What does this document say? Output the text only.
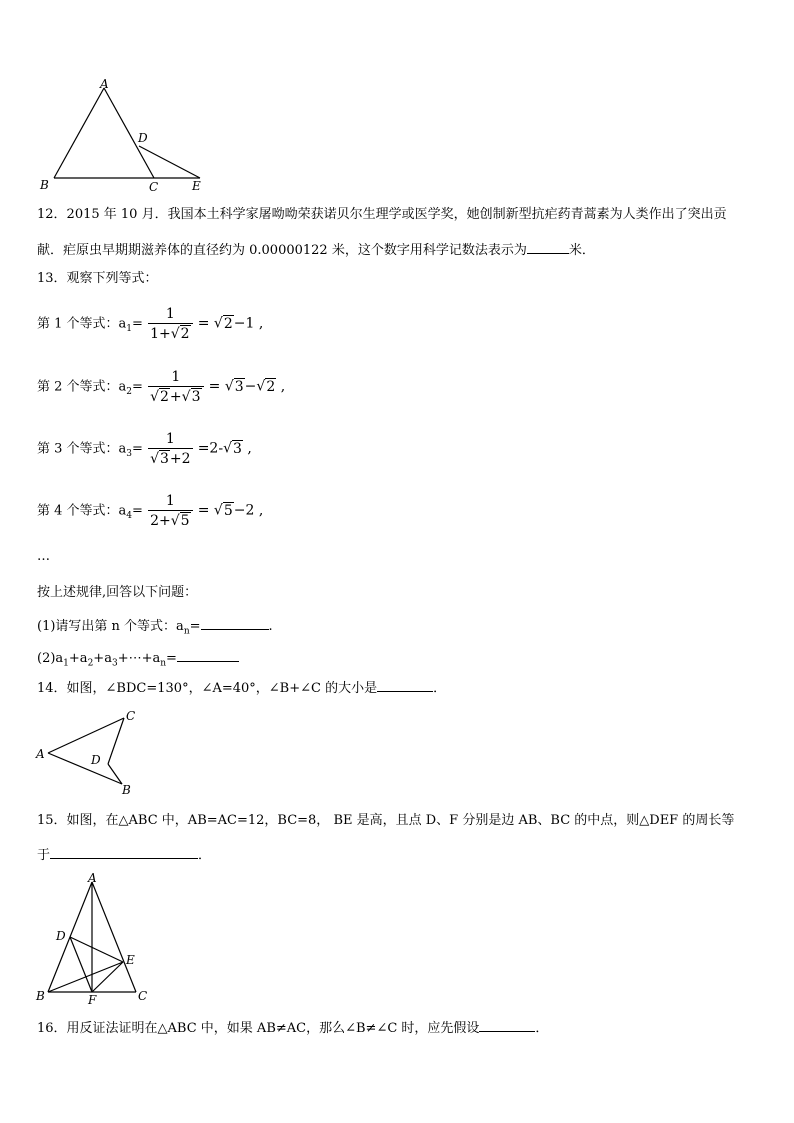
A
D
B	C	E
12．2015 年 10 月．我国本土科学家屠呦呦荣获诺贝尔生理学或医学奖，她创制新型抗疟药青蒿素为人类作出了突出贡
献．疟原虫早期期滋养体的直径约为 0.00000122 米，这个数字用科学记数法表示为	米．
13．观察下列等式：
第 1 个等式：$a_1= \frac{1}{1+√2} = √2-1$ ,
第 2 个等式：$a_2= \frac{1}{√2+√3} = √3-√2$ ,
第 3 个等式：$a_3= \frac{1}{√3+2} =2-√3$ ,
第 4 个等式：$a_4= \frac{1}{2+√5} = √5-2$ ,
…
按上述规律,回答以下问题：
(1)请写出第 n 个等式：$a_n=$	.
$(2)a_1+a_2+a_3+\cdots+a_n=$
14．如图，∠BDC=130°，∠A=40°，∠B+∠C 的大小是	．
A
C
D
B
15．如图，在△ABC 中，AB=AC=12，BC=8， BE 是高，且点 D、F 分别是边 AB、BC 的中点，则△DEF 的周长等
于	．
A
D
E
B	F	C
16．用反证法证明在△ABC 中，如果 AB≠AC，那么∠B≠∠C 时，应先假设	．
